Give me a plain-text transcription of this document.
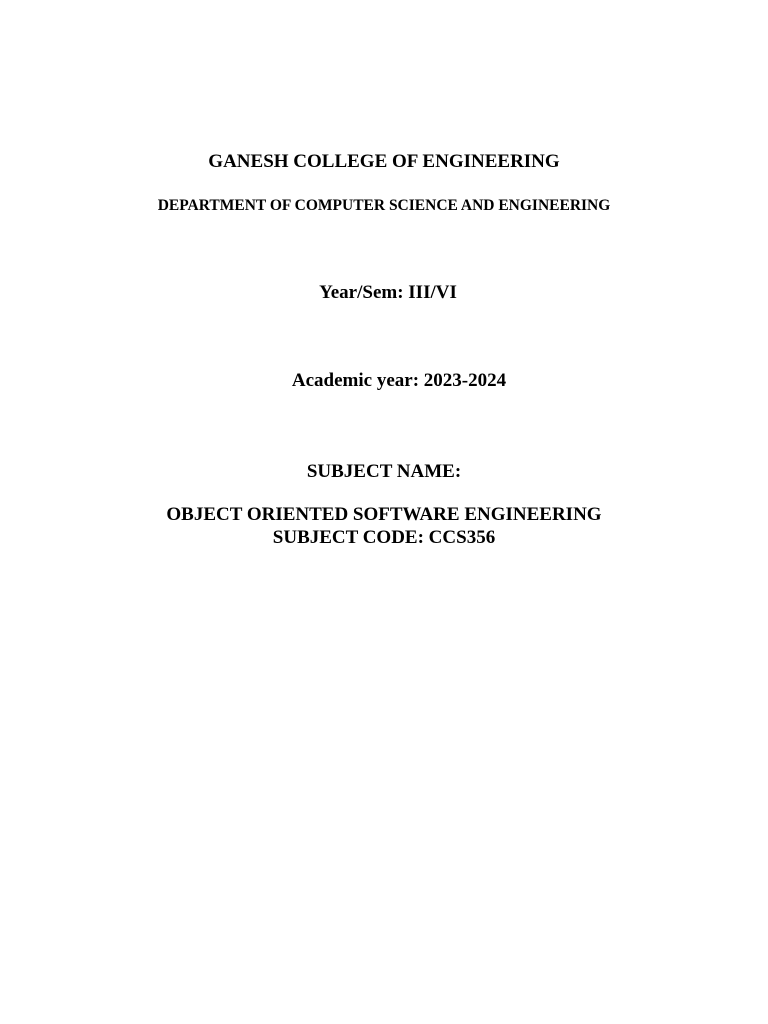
GANESH COLLEGE OF ENGINEERING
DEPARTMENT OF COMPUTER SCIENCE AND ENGINEERING
Year/Sem: III/VI
Academic year: 2023-2024
SUBJECT NAME:
OBJECT ORIENTED SOFTWARE ENGINEERING
SUBJECT CODE: CCS356
